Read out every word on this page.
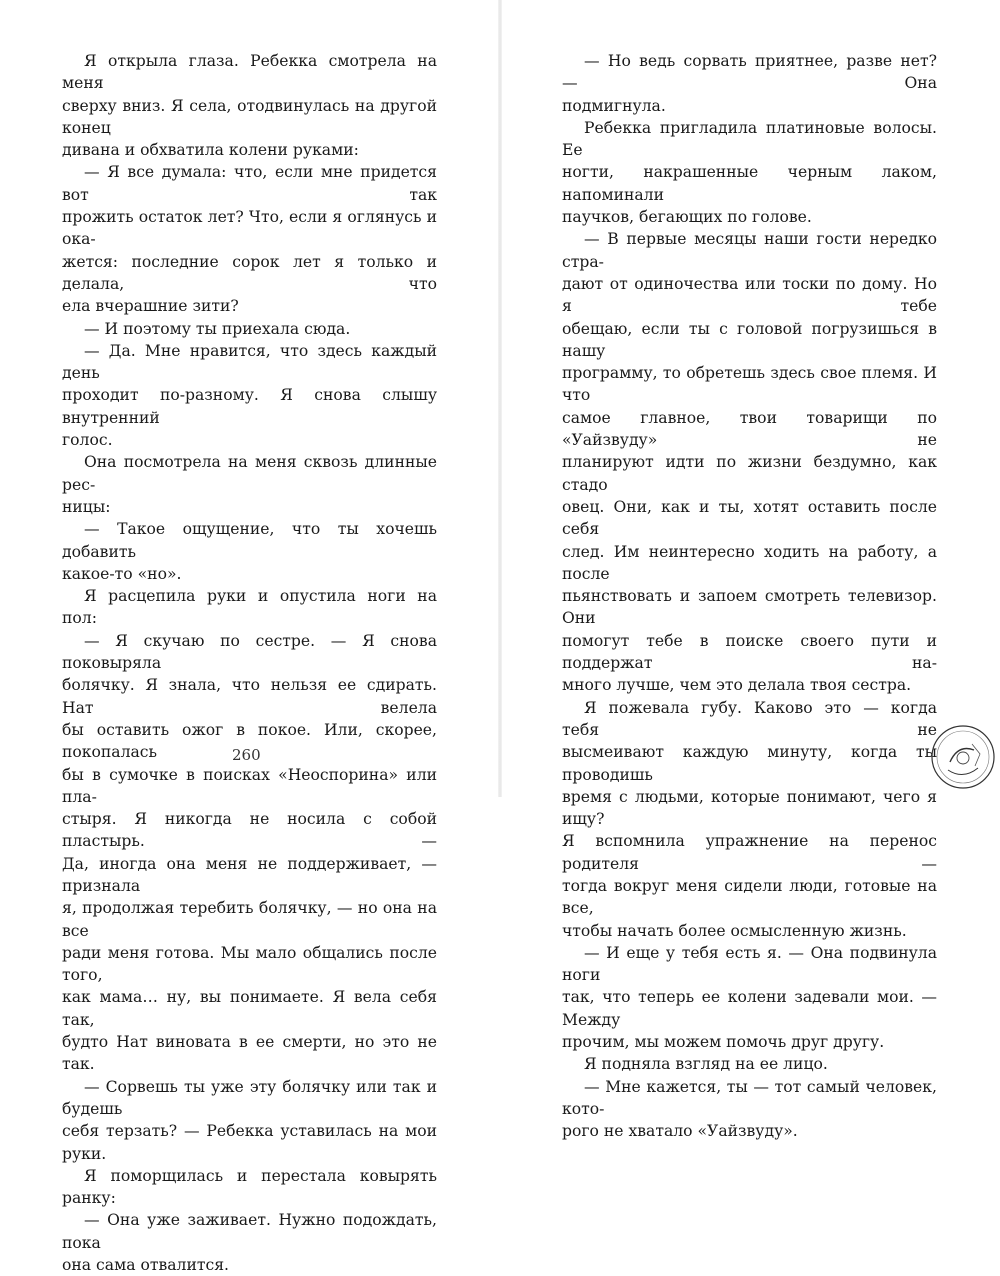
Я открыла глаза. Ребекка смотрела на меня
сверху вниз. Я села, отодвинулась на другой конец
дивана и обхватила колени руками:
— Я все думала: что, если мне придется вот так
прожить остаток лет? Что, если я оглянусь и ока-
жется: последние сорок лет я только и делала, что
ела вчерашние зити?
— И поэтому ты приехала сюда.
— Да. Мне нравится, что здесь каждый день
проходит по-разному. Я снова слышу внутренний
голос.
Она посмотрела на меня сквозь длинные рес-
ницы:
— Такое ощущение, что ты хочешь добавить
какое-то «но».
Я расцепила руки и опустила ноги на пол:
— Я скучаю по сестре. — Я снова поковыряла
болячку. Я знала, что нельзя ее сдирать. Нат велела
бы оставить ожог в покое. Или, скорее, покопалась
бы в сумочке в поисках «Неоспорина» или пла-
стыря. Я никогда не носила с собой пластырь. —
Да, иногда она меня не поддерживает, — признала
я, продолжая теребить болячку, — но она на все
ради меня готова. Мы мало общались после того,
как мама… ну, вы понимаете. Я вела себя так,
будто Нат виновата в ее смерти, но это не так.
— Сорвешь ты уже эту болячку или так и будешь
себя терзать? — Ребекка уставилась на мои руки.
Я поморщилась и перестала ковырять ранку:
— Она уже заживает. Нужно подождать, пока
она сама отвалится.
260
— Но ведь сорвать приятнее, разве нет? — Она
подмигнула.
Ребекка пригладила платиновые волосы. Ее
ногти, накрашенные черным лаком, напоминали
паучков, бегающих по голове.
— В первые месяцы наши гости нередко стра-
дают от одиночества или тоски по дому. Но я тебе
обещаю, если ты с головой погрузишься в нашу
программу, то обретешь здесь свое племя. И что
самое главное, твои товарищи по «Уайзвуду» не
планируют идти по жизни бездумно, как стадо
овец. Они, как и ты, хотят оставить после себя
след. Им неинтересно ходить на работу, а после
пьянствовать и запоем смотреть телевизор. Они
помогут тебе в поиске своего пути и поддержат на-
много лучше, чем это делала твоя сестра.
Я пожевала губу. Каково это — когда тебя не
высмеивают каждую минуту, когда ты проводишь
время с людьми, которые понимают, чего я ищу?
Я вспомнила упражнение на перенос родителя —
тогда вокруг меня сидели люди, готовые на все,
чтобы начать более осмысленную жизнь.
— И еще у тебя есть я. — Она подвинула ноги
так, что теперь ее колени задевали мои. — Между
прочим, мы можем помочь друг другу.
Я подняла взгляд на ее лицо.
— Мне кажется, ты — тот самый человек, кото-
рого не хватало «Уайзвуду».
